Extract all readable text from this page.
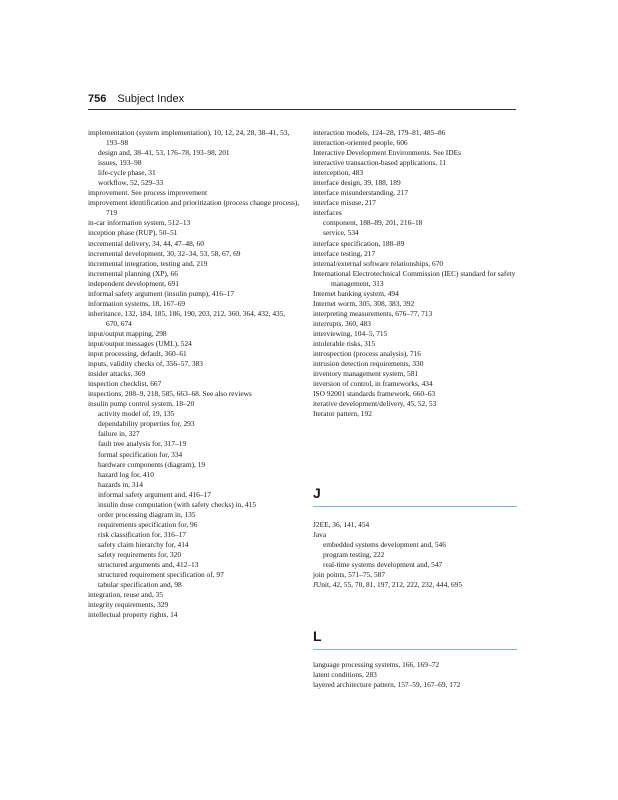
756 Subject Index
implementation (system implementation), 10, 12, 24, 28, 38–41, 53, 193–98
design and, 38–41, 53, 176–78, 193–98, 201
issues, 193–98
life-cycle phase, 31
workflow, 52, 529–33
improvement. See process improvement
improvement identification and prioritization (process change process), 719
in-car information system, 512–13
inception phase (RUP), 50–51
incremental delivery, 34, 44, 47–48, 60
incremental development, 30, 32–34, 53, 58, 67, 69
incremental integration, testing and, 219
incremental planning (XP), 66
independent development, 691
informal safety argument (insulin pump), 416–17
information systems, 18, 167–69
inheritance, 132, 184, 185, 186, 190, 203, 212, 360, 364, 432, 435, 670, 674
input/output mapping, 298
input/output messages (UML), 524
input processing, default, 360–61
inputs, validity checks of, 356–57, 383
insider attacks, 369
inspection checklist, 667
inspections, 208–9, 218, 585, 663–68. See also reviews
insulin pump control system, 18–20
activity model of, 19, 135
dependability properties for, 293
failure in, 327
fault tree analysis for, 317–19
formal specification for, 334
hardware components (diagram), 19
hazard log for, 410
hazards in, 314
informal safety argument and, 416–17
insulin dose computation (with safety checks) in, 415
order processing diagram in, 135
requirements specification for, 96
risk classification for, 316–17
safety claim hierarchy for, 414
safety requirements for, 320
structured arguments and, 412–13
structured requirement specification of, 97
tabular specification and, 98
integration, reuse and, 35
integrity requirements, 329
intellectual property rights, 14
interaction models, 124–28, 179–81, 485–86
interaction-oriented people, 606
Interactive Development Environments. See IDEs
interactive transaction-based applications, 11
interception, 483
interface design, 39, 188, 189
interface misunderstanding, 217
interface misuse, 217
interfaces
component, 188–89, 201, 216–18
service, 534
interface specification, 188–89
interface testing, 217
internal/external software relationships, 670
International Electrotechnical Commission (IEC) standard for safety management, 313
Internet banking system, 494
Internet worm, 305, 308, 383, 392
interpreting measurements, 676–77, 713
interrupts, 360, 483
interviewing, 104–5, 715
intolerable risks, 315
introspection (process analysis), 716
intrusion detection requirements, 330
inventory management system, 581
inversion of control, in frameworks, 434
ISO 92001 standards framework, 660–63
iterative development/delivery, 45, 52, 53
Iterator pattern, 192
J
J2EE, 36, 141, 454
Java
embedded systems development and, 546
program testing, 222
real-time systems development and, 547
join points, 571–75, 587
JUnit, 42, 55, 70, 81, 197, 212, 222, 232, 444, 695
L
language processing systems, 166, 169–72
latent conditions, 283
layered architecture pattern, 157–59, 167–69, 172
